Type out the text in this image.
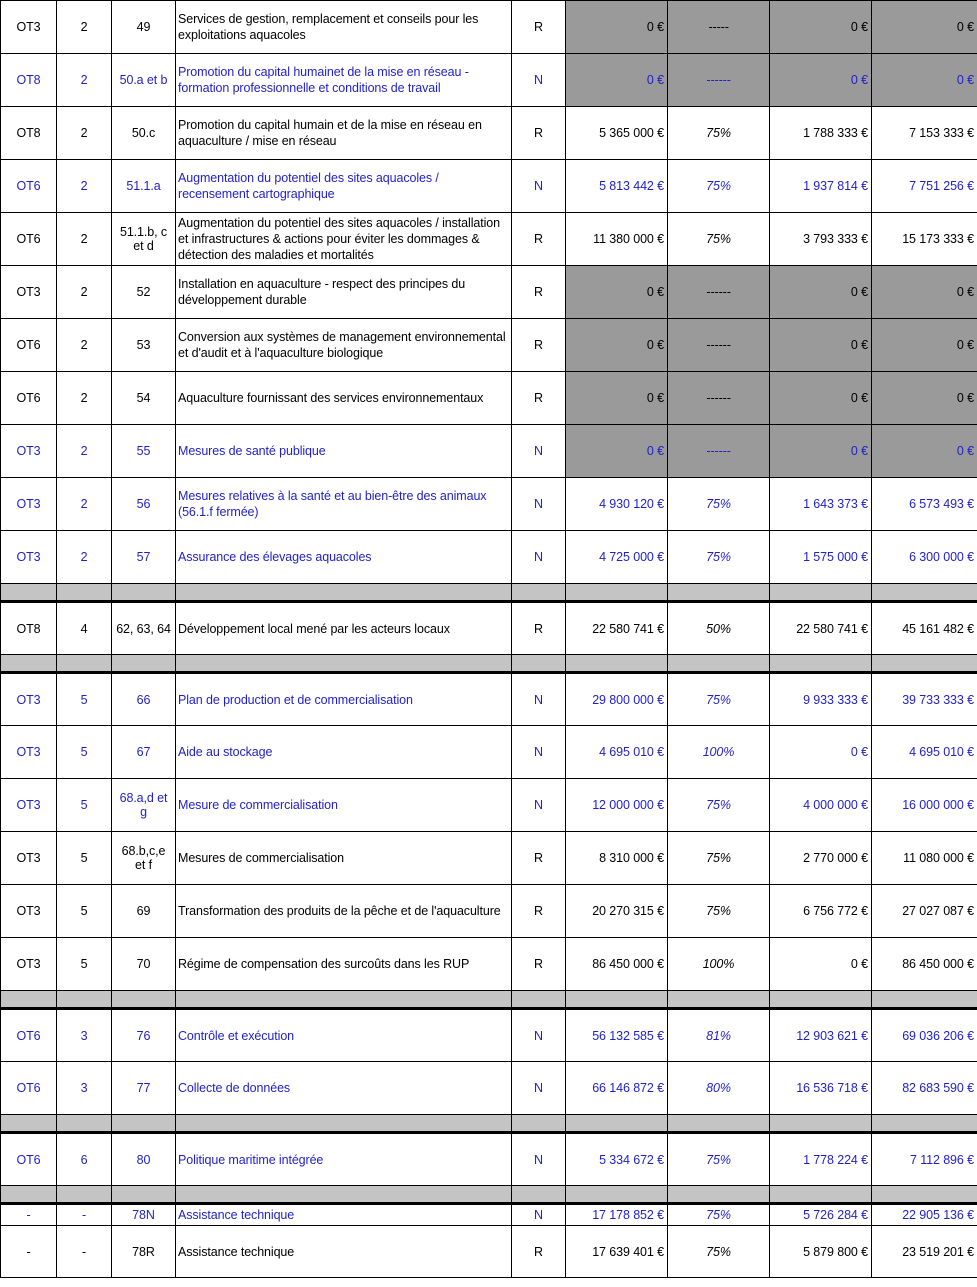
OT3	2	49	Services de gestion, remplacement et conseils pour les exploitations aquacoles	R	0 €	-----	0 €	0 €
OT8	2	50.a et b	Promotion du capital humainet de la mise en réseau - formation professionnelle et conditions de travail	N	0 €	------	0 €	0 €
OT8	2	50.c	Promotion du capital humain et de la mise en réseau en aquaculture / mise en réseau	R	5 365 000 €	75%	1 788 333 €	7 153 333 €
OT6	2	51.1.a	Augmentation du potentiel des sites aquacoles / recensement cartographique	N	5 813 442 €	75%	1 937 814 €	7 751 256 €
OT6	2	51.1.b, c et d	Augmentation du potentiel des sites aquacoles / installation et infrastructures & actions pour éviter les dommages & détection des maladies et mortalités	R	11 380 000 €	75%	3 793 333 €	15 173 333 €
OT3	2	52	Installation en aquaculture - respect des principes du développement durable	R	0 €	------	0 €	0 €
OT6	2	53	Conversion aux systèmes de management environnemental et d'audit et à l'aquaculture biologique	R	0 €	------	0 €	0 €
OT6	2	54	Aquaculture fournissant des services environnementaux	R	0 €	------	0 €	0 €
OT3	2	55	Mesures de santé publique	N	0 €	------	0 €	0 €
OT3	2	56	Mesures relatives à la santé et au bien-être des animaux (56.1.f fermée)	N	4 930 120 €	75%	1 643 373 €	6 573 493 €
OT3	2	57	Assurance des élevages aquacoles	N	4 725 000 €	75%	1 575 000 €	6 300 000 €

OT8	4	62, 63, 64	Développement local mené par les acteurs locaux	R	22 580 741 €	50%	22 580 741 €	45 161 482 €

OT3	5	66	Plan de production et de commercialisation	N	29 800 000 €	75%	9 933 333 €	39 733 333 €
OT3	5	67	Aide au stockage	N	4 695 010 €	100%	0 €	4 695 010 €
OT3	5	68.a,d et g	Mesure de commercialisation	N	12 000 000 €	75%	4 000 000 €	16 000 000 €
OT3	5	68.b,c,e et f	Mesures de commercialisation	R	8 310 000 €	75%	2 770 000 €	11 080 000 €
OT3	5	69	Transformation des produits de la pêche et de l'aquaculture	R	20 270 315 €	75%	6 756 772 €	27 027 087 €
OT3	5	70	Régime de compensation des surcoûts dans les RUP	R	86 450 000 €	100%	0 €	86 450 000 €

OT6	3	76	Contrôle et exécution	N	56 132 585 €	81%	12 903 621 €	69 036 206 €
OT6	3	77	Collecte de données	N	66 146 872 €	80%	16 536 718 €	82 683 590 €

OT6	6	80	Politique maritime intégrée	N	5 334 672 €	75%	1 778 224 €	7 112 896 €

-	-	78N	Assistance technique	N	17 178 852 €	75%	5 726 284 €	22 905 136 €
-	-	78R	Assistance technique	R	17 639 401 €	75%	5 879 800 €	23 519 201 €
